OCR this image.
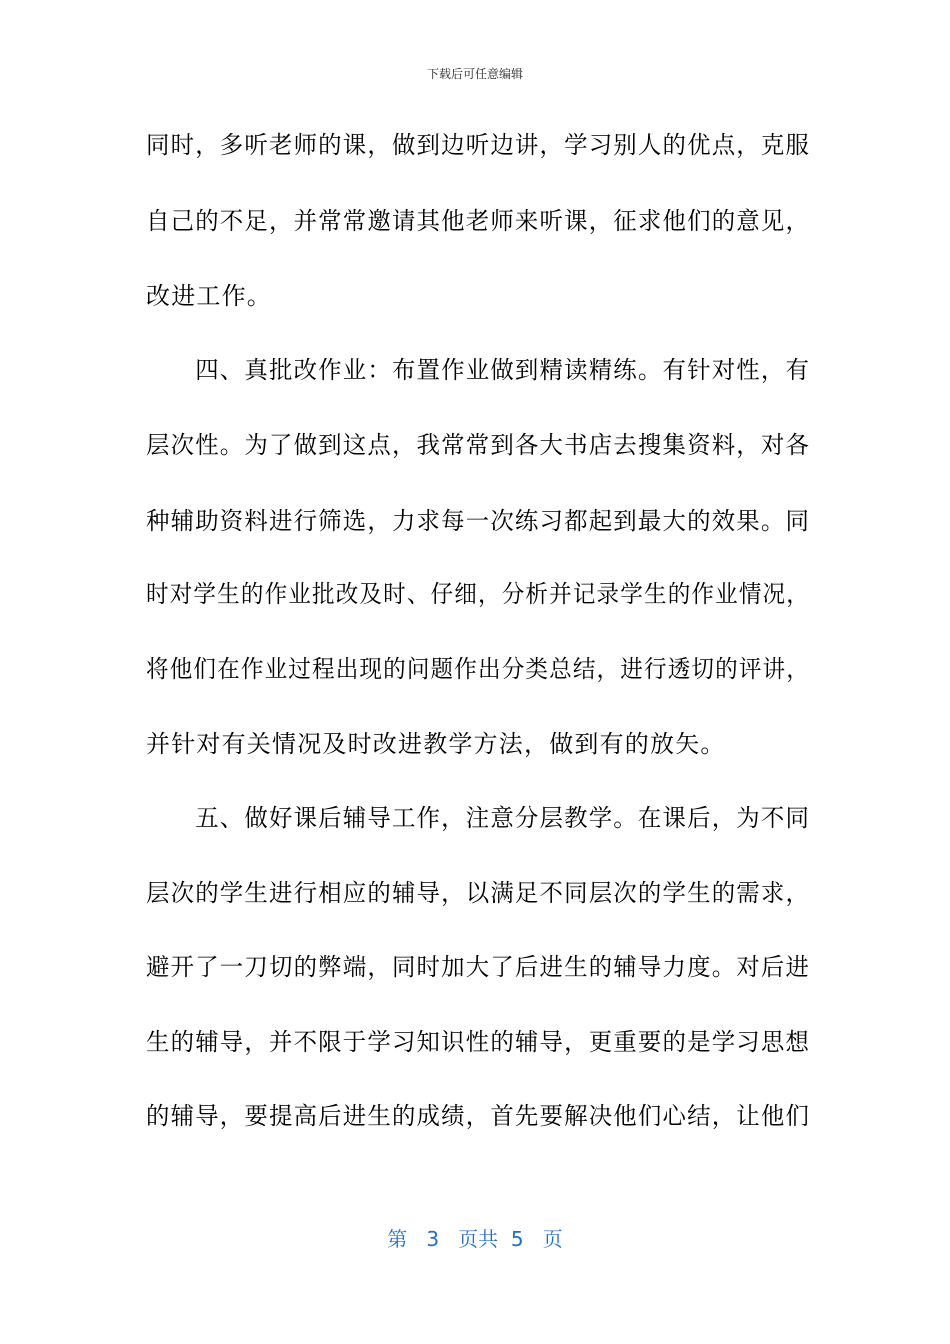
下载后可任意编辑
同时，多听老师的课，做到边听边讲，学习别人的优点，克服
自己的不足，并常常邀请其他老师来听课，征求他们的意见，
改进工作。
　　四、真批改作业：布置作业做到精读精练。有针对性，有
层次性。为了做到这点，我常常到各大书店去搜集资料，对各
种辅助资料进行筛选，力求每一次练习都起到最大的效果。同
时对学生的作业批改及时、仔细，分析并记录学生的作业情况，
将他们在作业过程出现的问题作出分类总结，进行透切的评讲，
并针对有关情况及时改进教学方法，做到有的放矢。
　　五、做好课后辅导工作，注意分层教学。在课后，为不同
层次的学生进行相应的辅导，以满足不同层次的学生的需求，
避开了一刀切的弊端，同时加大了后进生的辅导力度。对后进
生的辅导，并不限于学习知识性的辅导，更重要的是学习思想
的辅导，要提高后进生的成绩，首先要解决他们心结，让他们
第 3 页共 5 页
